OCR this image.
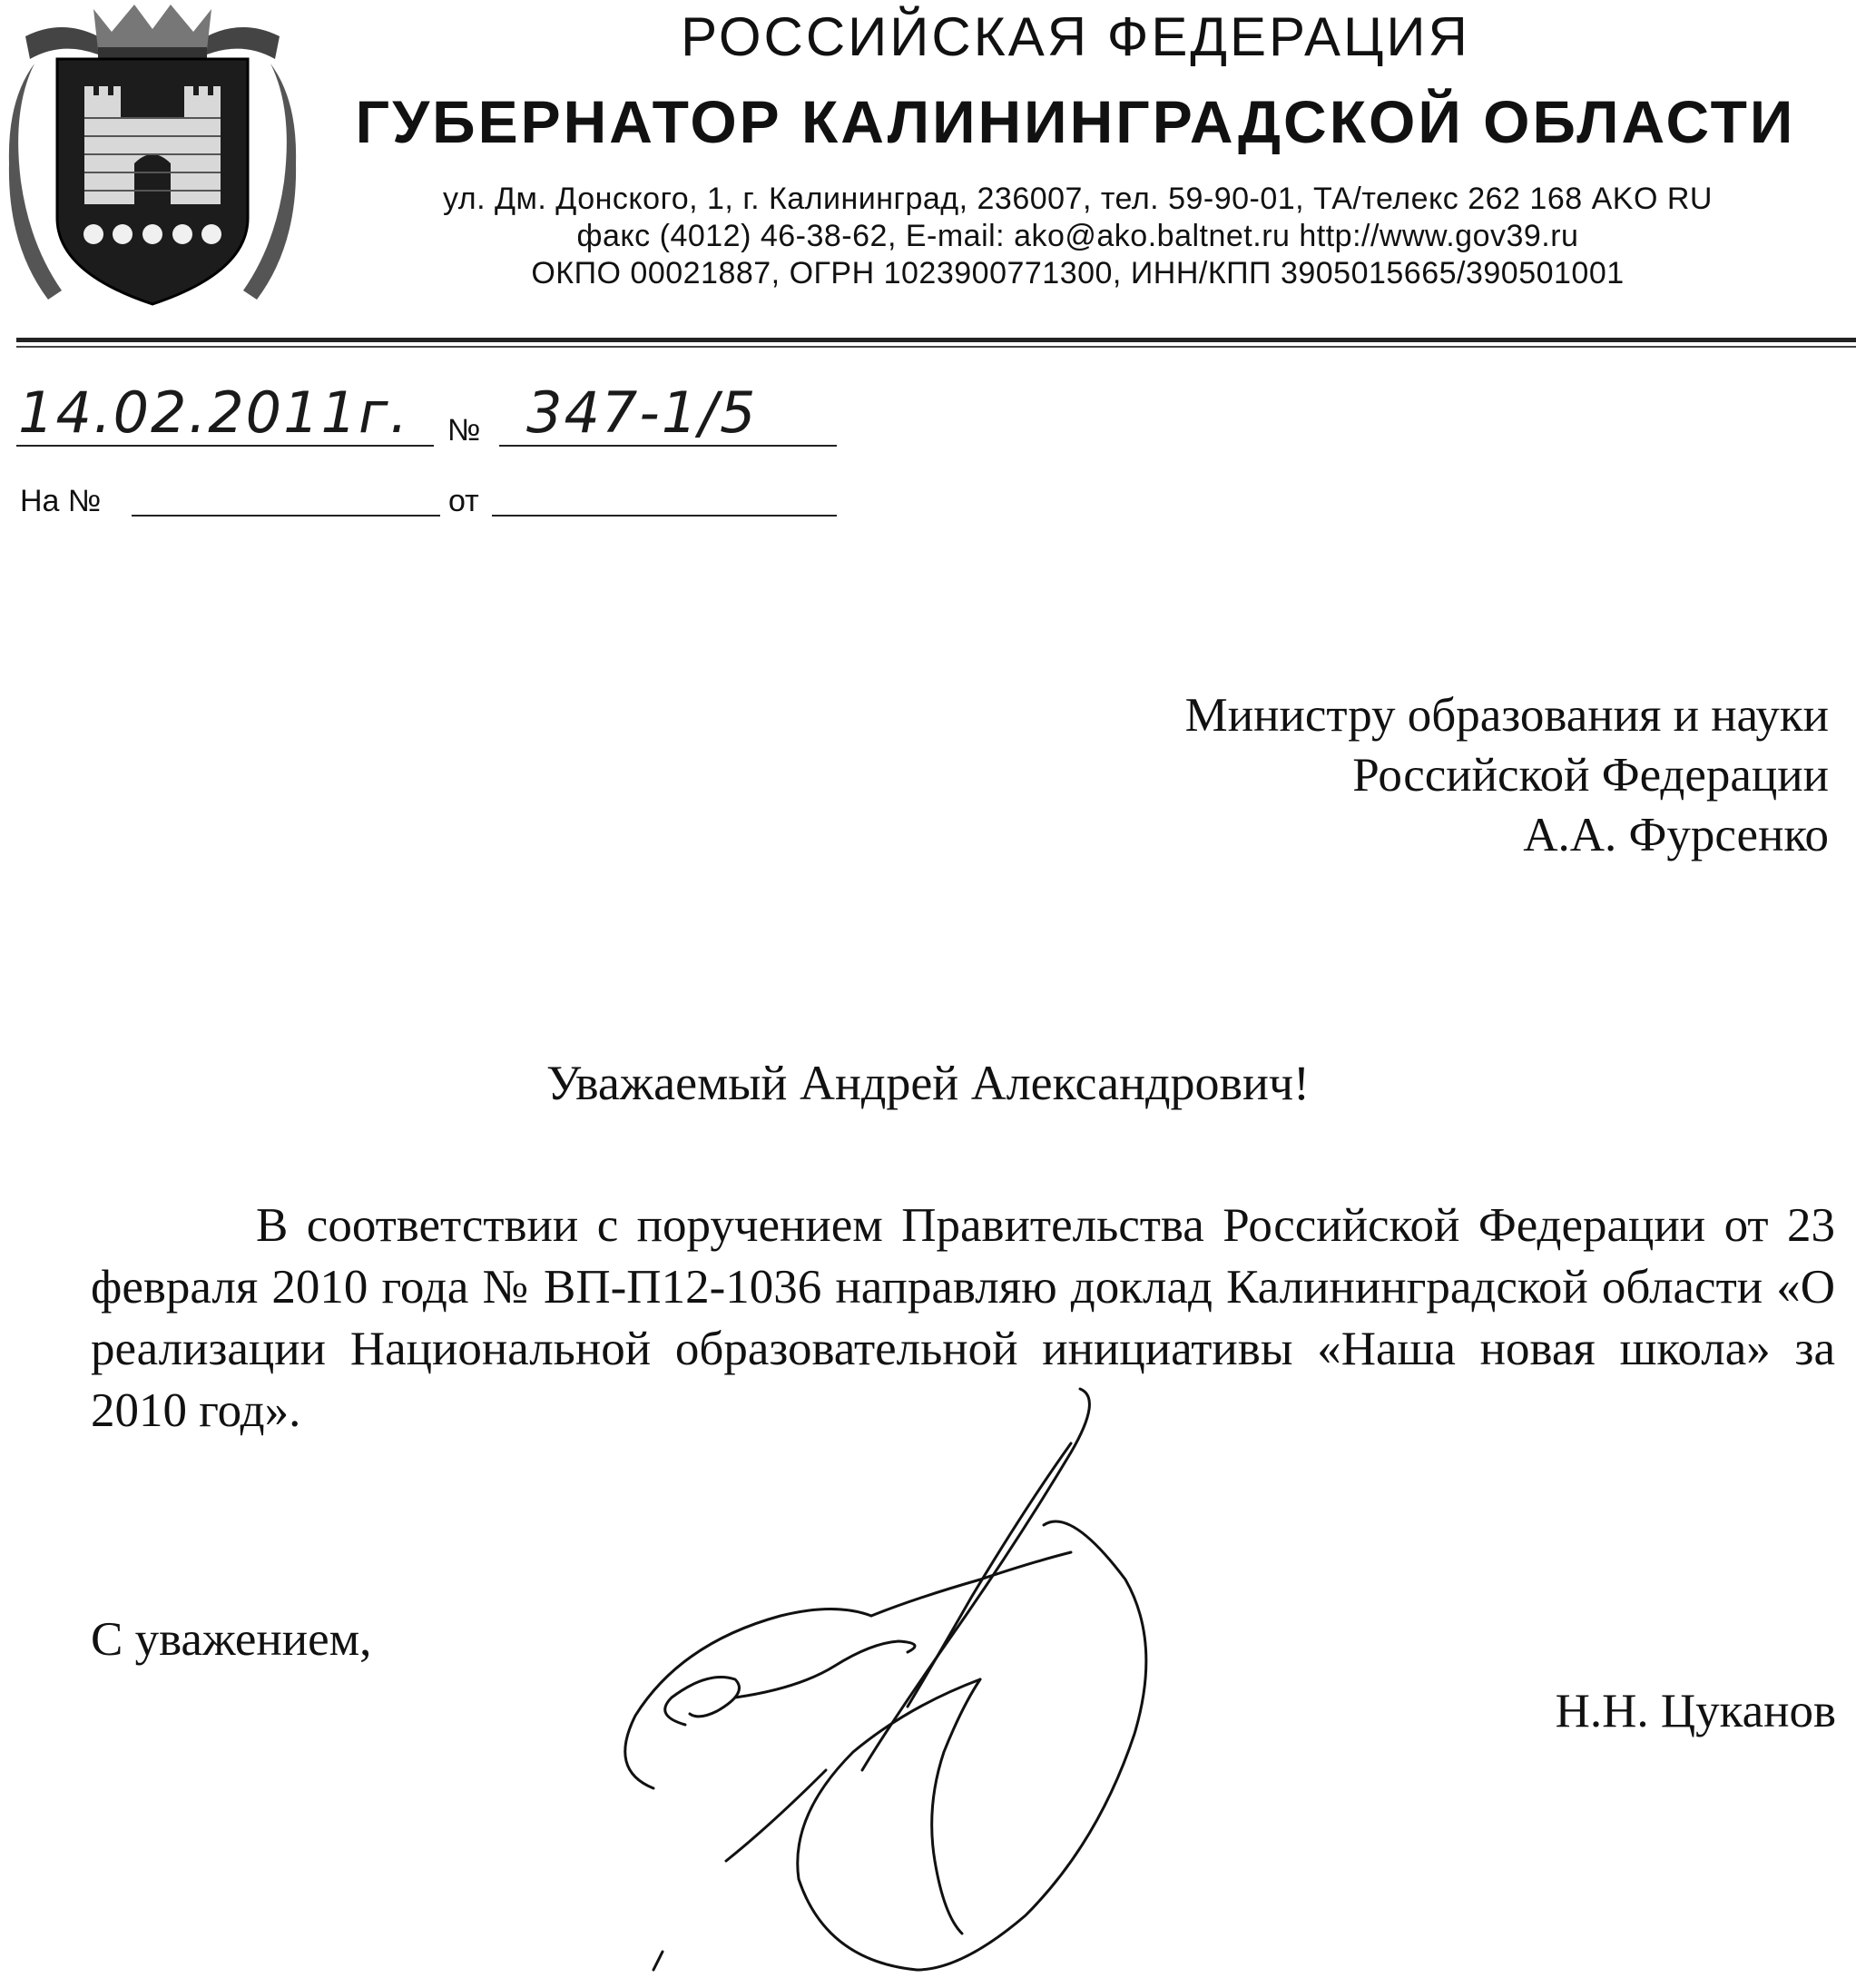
ß
РОССИЙСКАЯ ФЕДЕРАЦИЯ
ГУБЕРНАТОР КАЛИНИНГРАДСКОЙ ОБЛАСТИ
ул. Дм. Донского, 1, г. Калининград, 236007, тел. 59-90-01, ТА/телекс 262 168 AKO RU
факс (4012) 46-38-62, E-mail: ako@ako.baltnet.ru http://www.gov39.ru
ОКПО 00021887, ОГРН 1023900771300, ИНН/КПП 3905015665/390501001
14.02.2011г. № 347-1/5
На №	от
Министру образования и науки
Российской Федерации
А.А. Фурсенко
Уважаемый Андрей Александрович!

В соответствии с поручением Правительства Российской Федерации от 23 февраля 2010 года № ВП-П12-1036 направляю доклад Калининградской области «О реализации Национальной образовательной инициативы «Наша новая школа» за 2010 год».

С уважением,
Н.Н. Цуканов
